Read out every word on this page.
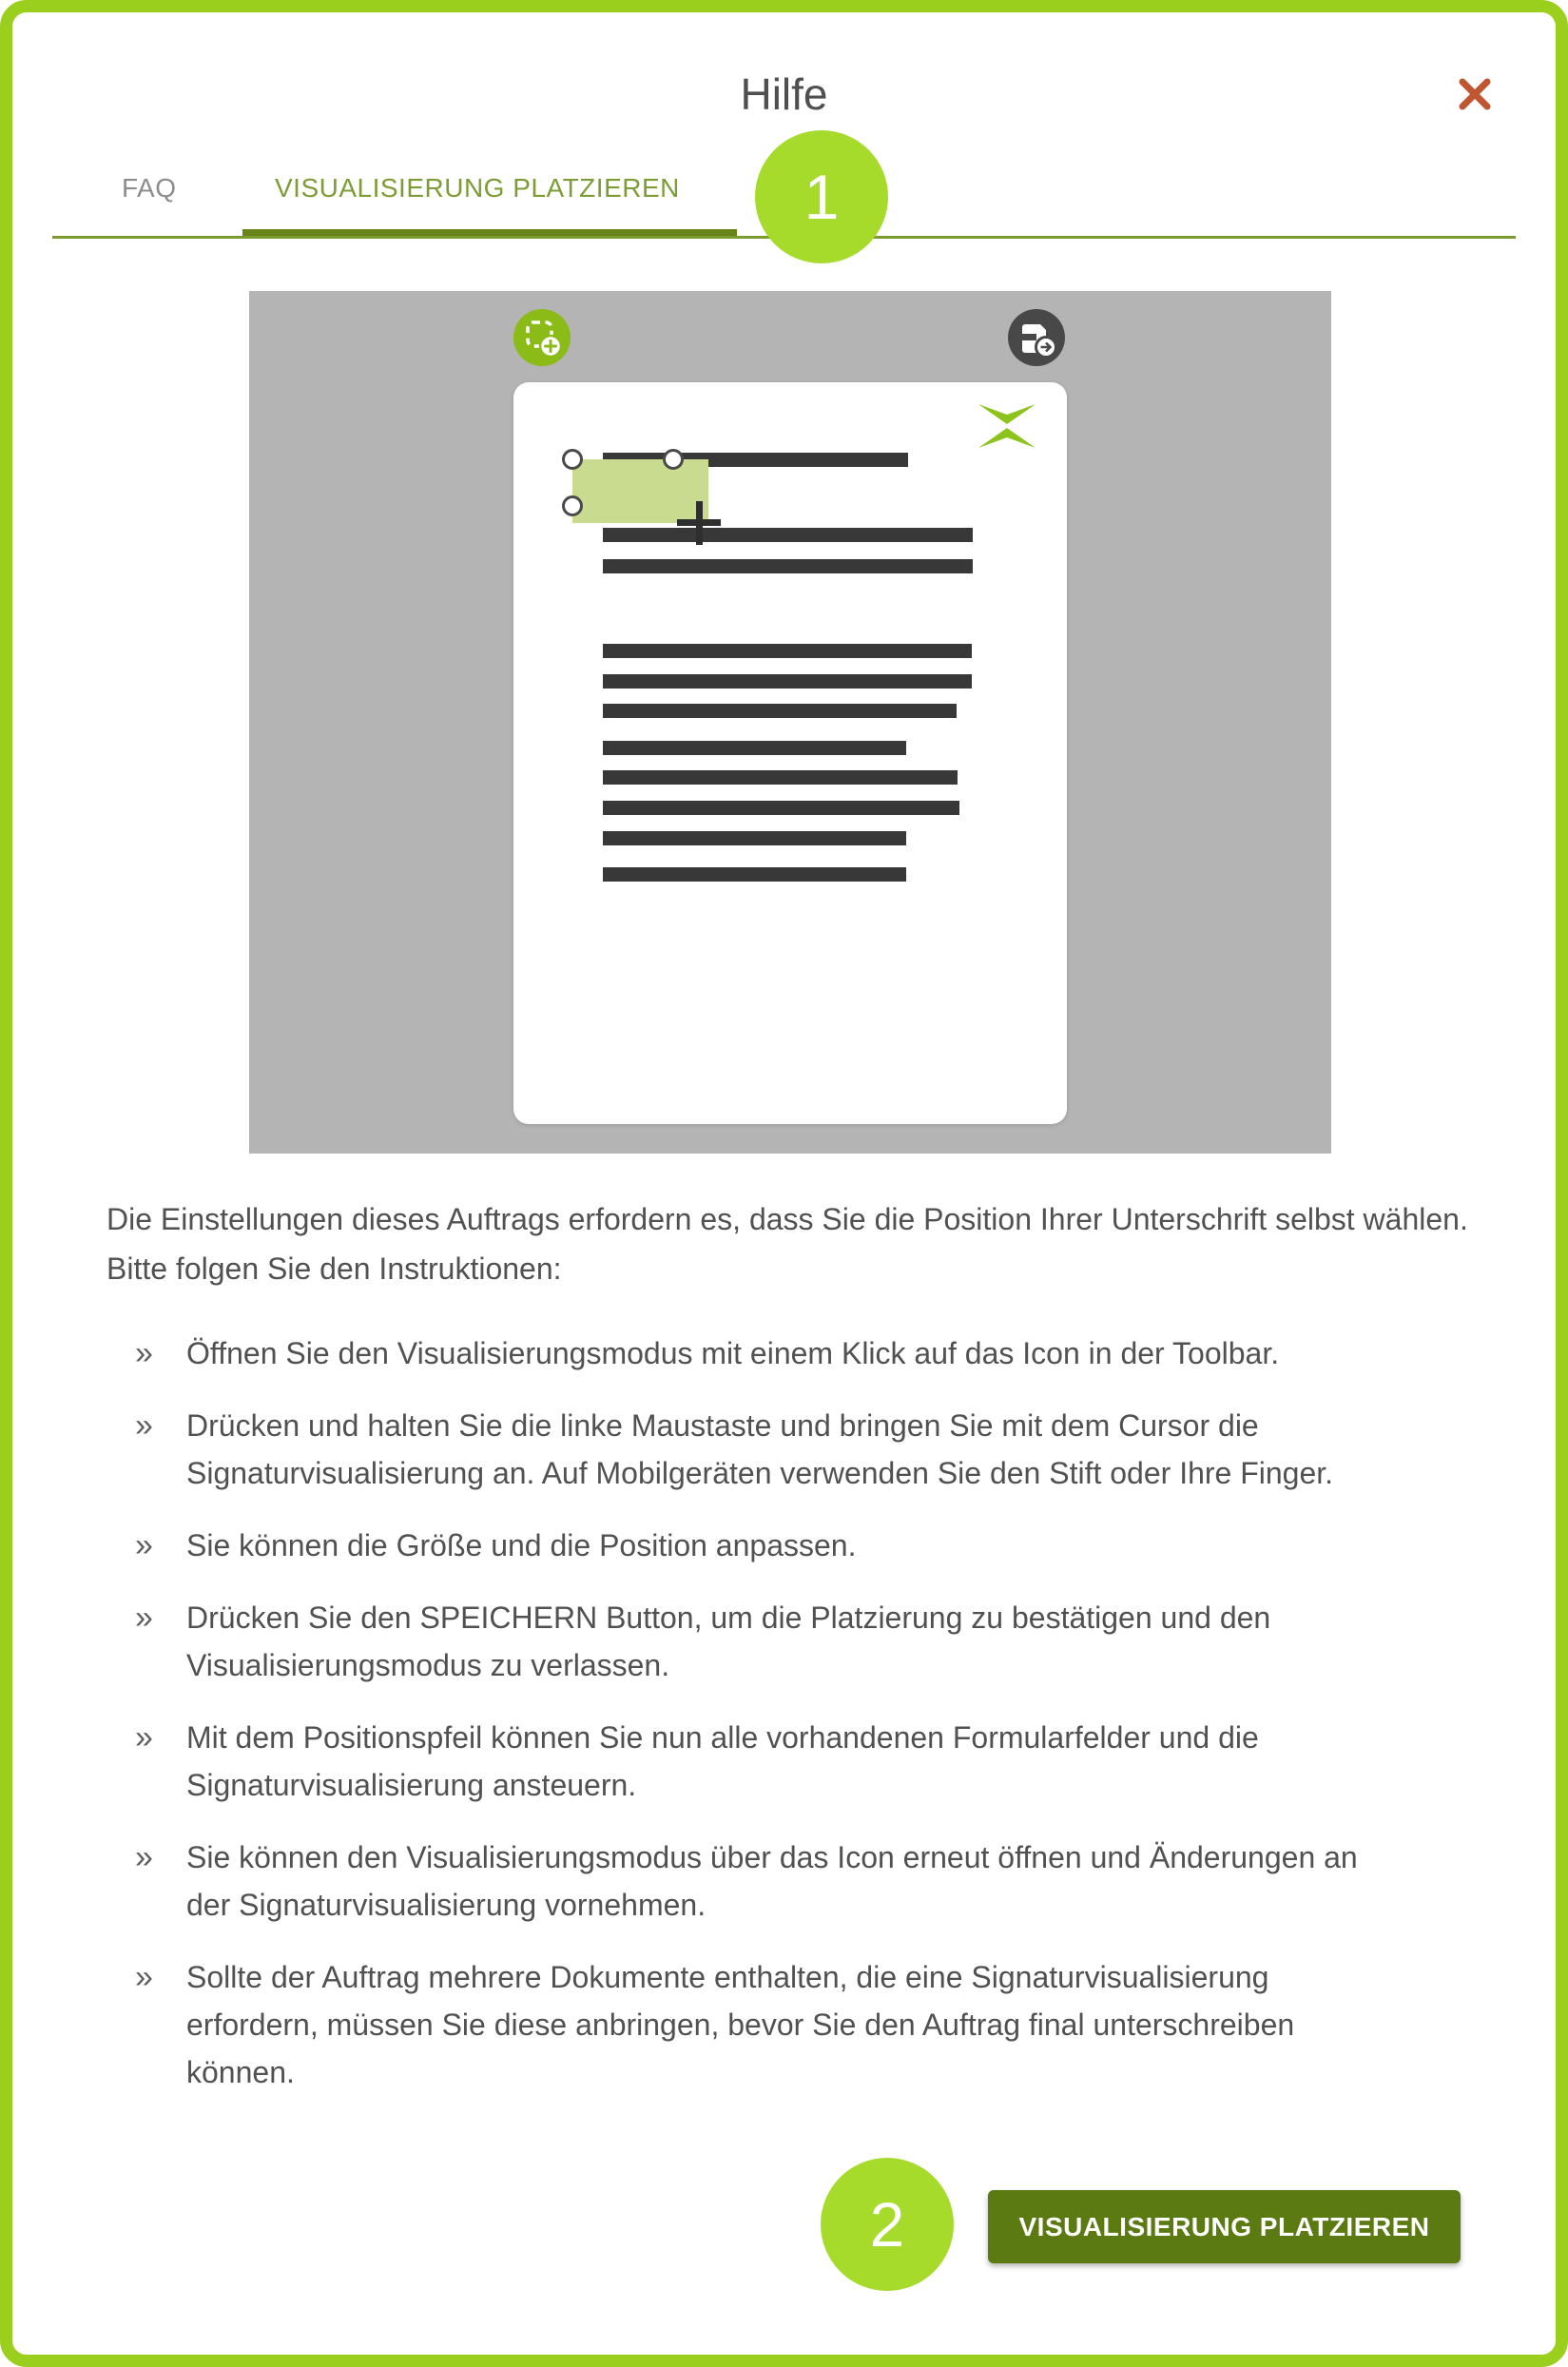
Hilfe
FAQ	VISUALISIERUNG PLATZIEREN	1
Die Einstellungen dieses Auftrags erfordern es, dass Sie die Position Ihrer Unterschrift selbst wählen. Bitte folgen Sie den Instruktionen:
» Öffnen Sie den Visualisierungsmodus mit einem Klick auf das Icon in der Toolbar.
» Drücken und halten Sie die linke Maustaste und bringen Sie mit dem Cursor die Signaturvisualisierung an. Auf Mobilgeräten verwenden Sie den Stift oder Ihre Finger.
» Sie können die Größe und die Position anpassen.
» Drücken Sie den SPEICHERN Button, um die Platzierung zu bestätigen und den Visualisierungsmodus zu verlassen.
» Mit dem Positionspfeil können Sie nun alle vorhandenen Formularfelder und die Signaturvisualisierung ansteuern.
» Sie können den Visualisierungsmodus über das Icon erneut öffnen und Änderungen an der Signaturvisualisierung vornehmen.
» Sollte der Auftrag mehrere Dokumente enthalten, die eine Signaturvisualisierung erfordern, müssen Sie diese anbringen, bevor Sie den Auftrag final unterschreiben können.
2	VISUALISIERUNG PLATZIEREN
